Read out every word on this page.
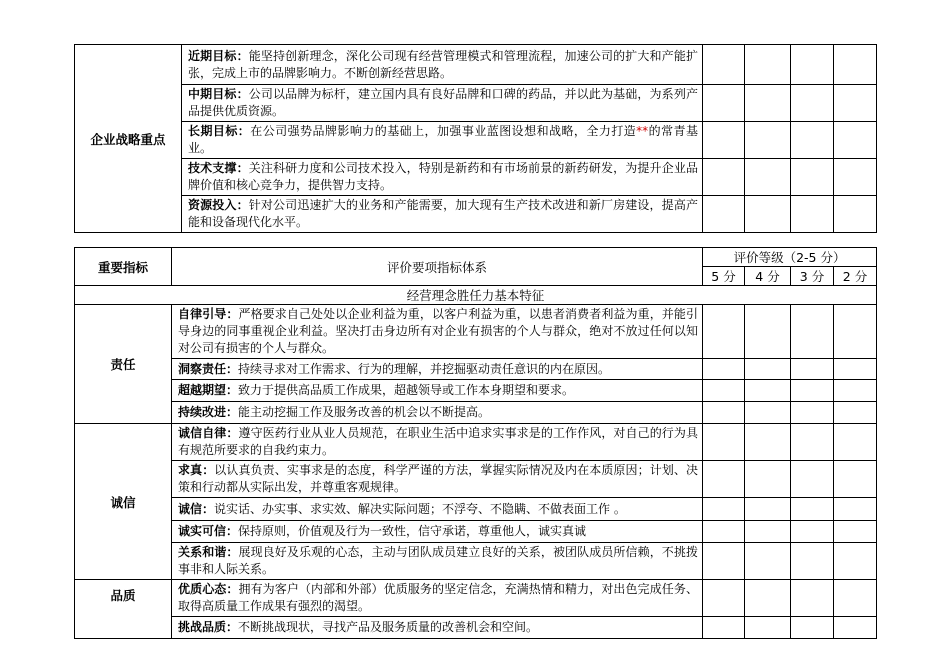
企业战略重点	近期目标：能坚持创新理念，深化公司现有经营管理模式和管理流程，加速公司的扩大和产能扩张，完成上市的品牌影响力。不断创新经营思路。				
	中期目标：公司以品牌为标杆，建立国内具有良好品牌和口碑的药品，并以此为基础，为系列产品提供优质资源。				
	长期目标：在公司强势品牌影响力的基础上，加强事业蓝图设想和战略，全力打造**的常青基业。				
	技术支撑：关注科研力度和公司技术投入，特别是新药和有市场前景的新药研发，为提升企业品牌价值和核心竞争力，提供智力支持。				
	资源投入：针对公司迅速扩大的业务和产能需要，加大现有生产技术改进和新厂房建设，提高产能和设备现代化水平。				
重要指标	评价要项指标体系	评价等级（2-5 分）			
		5 分	4 分	3 分	2 分
经营理念胜任力基本特征					
责任	自律引导：严格要求自己处处以企业利益为重，以客户利益为重，以患者消费者利益为重，并能引导身边的同事重视企业利益。坚决打击身边所有对企业有损害的个人与群众，绝对不放过任何以知对公司有损害的个人与群众。				
	洞察责任：持续寻求对工作需求、行为的理解，并挖掘驱动责任意识的内在原因。				
	超越期望：致力于提供高品质工作成果，超越领导或工作本身期望和要求。				
	持续改进：能主动挖掘工作及服务改善的机会以不断提高。				
诚信	诚信自律：遵守医药行业从业人员规范，在职业生活中追求实事求是的工作作风，对自己的行为具有规范所要求的自我约束力。				
	求真：以认真负责、实事求是的态度，科学严谨的方法，掌握实际情况及内在本质原因；计划、决策和行动都从实际出发，并尊重客观规律。				
	诚信：说实话、办实事、求实效、解决实际问题；不浮夸、不隐瞒、不做表面工作 。				
	诚实可信：保持原则，价值观及行为一致性，信守承诺，尊重他人，诚实真诚				
	关系和谐：展现良好及乐观的心态，主动与团队成员建立良好的关系，被团队成员所信赖，不挑拨事非和人际关系。				
品质	优质心态：拥有为客户（内部和外部）优质服务的坚定信念，充满热情和精力，对出色完成任务、取得高质量工作成果有强烈的渴望。				
	挑战品质：不断挑战现状，寻找产品及服务质量的改善机会和空间。				
